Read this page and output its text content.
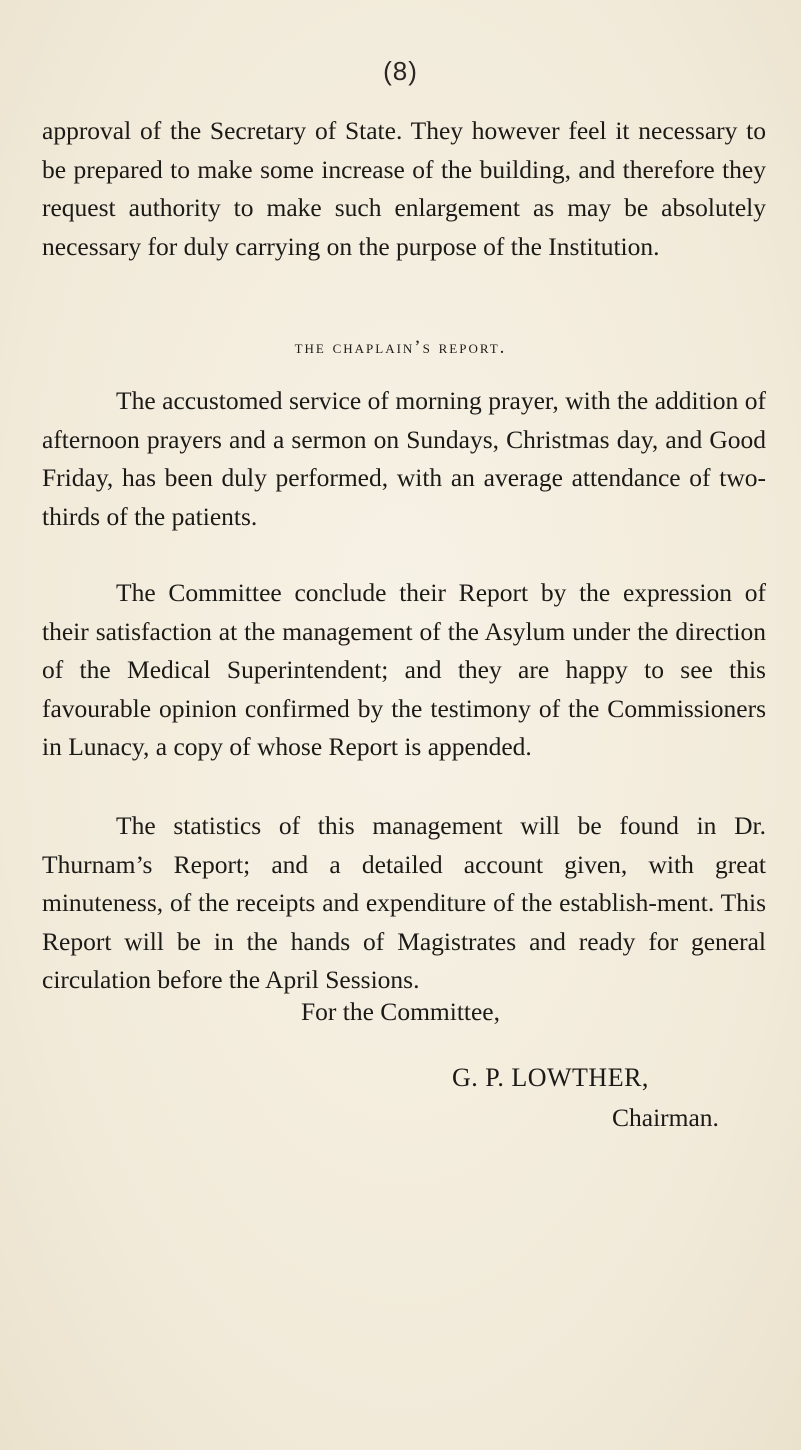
(8)

approval of the Secretary of State. They however feel it necessary to be prepared to make some increase of the building, and therefore they request authority to make such enlargement as may be absolutely necessary for duly carrying on the purpose of the Institution.

the chaplain’s report.

The accustomed service of morning prayer, with the addition of afternoon prayers and a sermon on Sundays, Christmas day, and Good Friday, has been duly performed, with an average attendance of two-thirds of the patients.

The Committee conclude their Report by the expression of their satisfaction at the management of the Asylum under the direction of the Medical Superintendent; and they are happy to see this favourable opinion confirmed by the testimony of the Commissioners in Lunacy, a copy of whose Report is appended.

The statistics of this management will be found in Dr. Thurnam’s Report; and a detailed account given, with great minuteness, of the receipts and expenditure of the establish-ment. This Report will be in the hands of Magistrates and ready for general circulation before the April Sessions.

For the Committee,
G. P. LOWTHER,
Chairman.
